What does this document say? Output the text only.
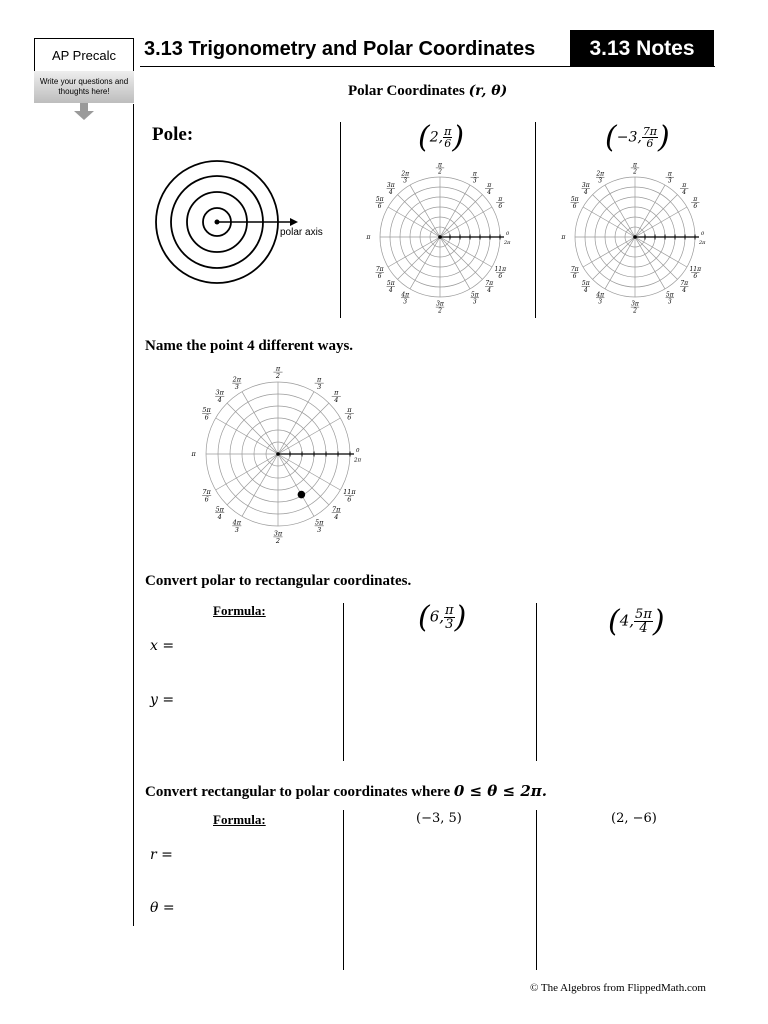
AP Precalc
Write your questions and thoughts here!
3.13 Trigonometry and Polar Coordinates	3.13 Notes
Polar Coordinates (r, θ)
Pole:
polar axis
(2, $\frac{\pi}{6}$ )	(−3, $\frac{7\pi}{6}$ )
π
2	π
3
π
4
π
6
2π
3
3π
4
5π
6
π
7π
6
5π
4
4π
3	3π
2
5π
3
7π
4
11π
6
0
2π
π
2	π
3
π
4
π
6
2π
3
3π
4
5π
6
π
7π
6
5π
4
4π
3	3π
2
5π
3
7π
4
11π
6
0
2π
Name the point 4 different ways.
π
2	π
3
π
4
π
6
2π
3
3π
4
5π
6
π
7π
6
5π
4
4π
3	3π
2
5π
3
7π
4
11π
6
0
2π
Convert polar to rectangular coordinates.
Formula:
x =
y =
(6, $\frac{\pi}{3}$ )	(4, $\frac{5\pi}{4}$ )
Convert rectangular to polar coordinates where 0 ≤ θ ≤ 2π.
Formula:
r =
θ =
(−3, 5)	(2, −6)
© The Algebros from FlippedMath.com
